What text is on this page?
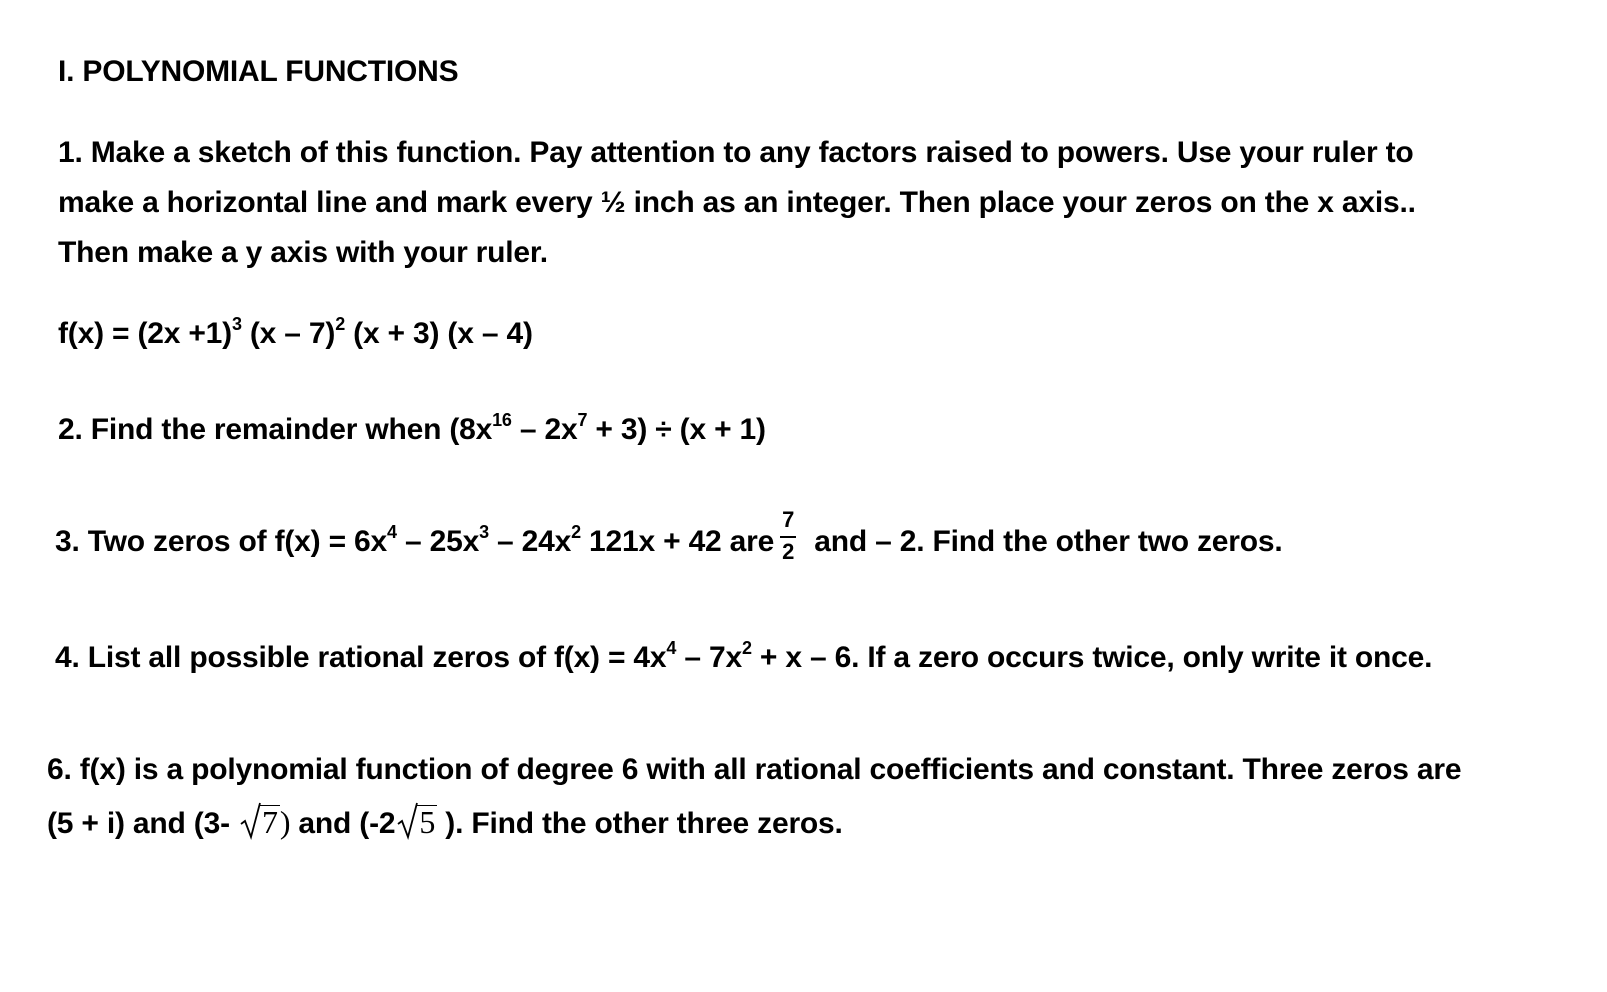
I. POLYNOMIAL FUNCTIONS
1. Make a sketch of this function. Pay attention to any factors raised to powers. Use your ruler to
make a horizontal line and mark every ½ inch as an integer. Then place your zeros on the x axis..
Then make a y axis with your ruler.
$f(x) = (2x +1)^3$ (x – 7)$^2$ (x + 3) (x – 4)
2. Find the remainder when $(8x^{16} - 2x^7 + 3) \div (x + 1)$
3. Two zeros of $f(x) = 6x^4 - 25x^3 - 24x^2$ 121x + 42 are $\frac{7}{2}$ and – 2. Find the other two zeros.
4. List all possible rational zeros of $f(x) = 4x^4 - 7x^2 + x - 6$. If a zero occurs twice, only write it once.
6. f(x) is a polynomial function of degree 6 with all rational coefficients and constant. Three zeros are
(5 + i) and (3-
7) and (-2 5 ). Find the other three zeros.
